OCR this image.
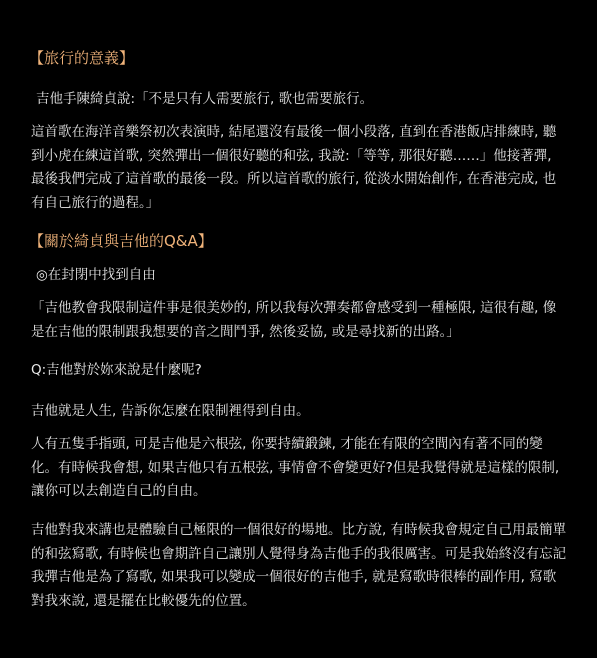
【旅行的意義】

吉他手陳綺貞說:「不是只有人需要旅行, 歌也需要旅行。

這首歌在海洋音樂祭初次表演時, 結尾還沒有最後一個小段落, 直到在香港飯店排練時, 聽到小虎在練這首歌, 突然彈出一個很好聽的和弦, 我說:「等等, 那很好聽……」他接著彈, 最後我們完成了這首歌的最後一段。所以這首歌的旅行, 從淡水開始創作, 在香港完成, 也有自己旅行的過程。」

【關於綺貞與吉他的Q&A】

◎在封閉中找到自由

「吉他教會我限制這件事是很美妙的, 所以我每次彈奏都會感受到一種極限, 這很有趣, 像是在吉他的限制跟我想要的音之間鬥爭, 然後妥協, 或是尋找新的出路。」

Q:吉他對於妳來說是什麼呢?

吉他就是人生, 告訴你怎麼在限制裡得到自由。

人有五隻手指頭, 可是吉他是六根弦, 你要持續鍛鍊, 才能在有限的空間內有著不同的變化。有時候我會想, 如果吉他只有五根弦, 事情會不會變更好?但是我覺得就是這樣的限制, 讓你可以去創造自己的自由。

吉他對我來講也是體驗自己極限的一個很好的場地。比方說, 有時候我會規定自己用最簡單的和弦寫歌, 有時候也會期許自己讓別人覺得身為吉他手的我很厲害。可是我始終沒有忘記我彈吉他是為了寫歌, 如果我可以變成一個很好的吉他手, 就是寫歌時很棒的副作用, 寫歌對我來說, 還是擺在比較優先的位置。
